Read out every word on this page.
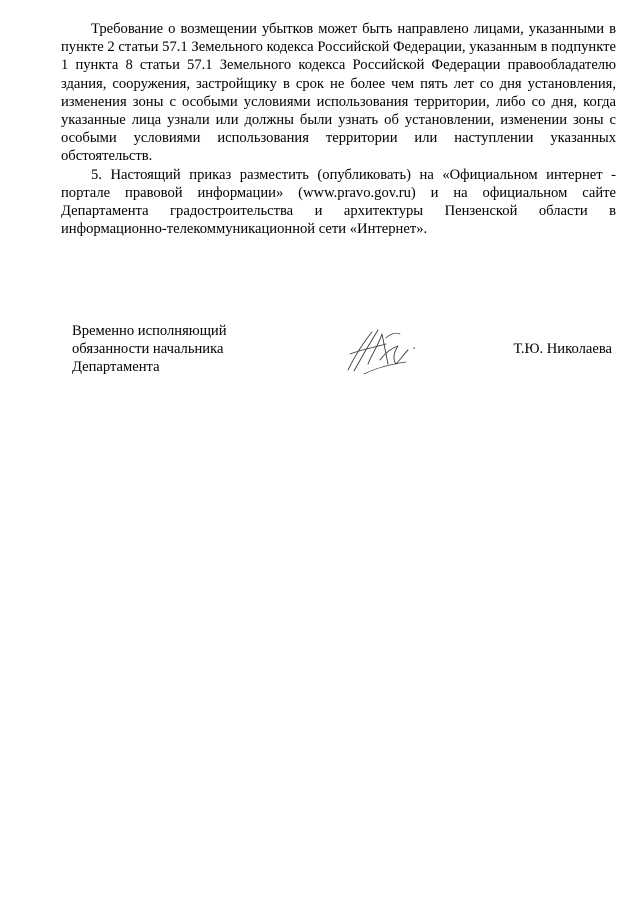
Требование о возмещении убытков может быть направлено лицами, указанными в пункте 2 статьи 57.1 Земельного кодекса Российской Федерации, указанным в подпункте 1 пункта 8 статьи 57.1 Земельного кодекса Российской Федерации правообладателю здания, сооружения, застройщику в срок не более чем пять лет со дня установления, изменения зоны с особыми условиями использования территории, либо со дня, когда указанные лица узнали или должны были узнать об установлении, изменении зоны с особыми условиями использования территории или наступлении указанных обстоятельств.

5. Настоящий приказ разместить (опубликовать) на «Официальном интернет - портале правовой информации» (www.pravo.gov.ru) и на официальном сайте Департамента градостроительства и архитектуры Пензенской области в информационно-телекоммуникационной сети «Интернет».

Временно исполняющий
обязанности начальника
Департамента
Т.Ю. Николаева
